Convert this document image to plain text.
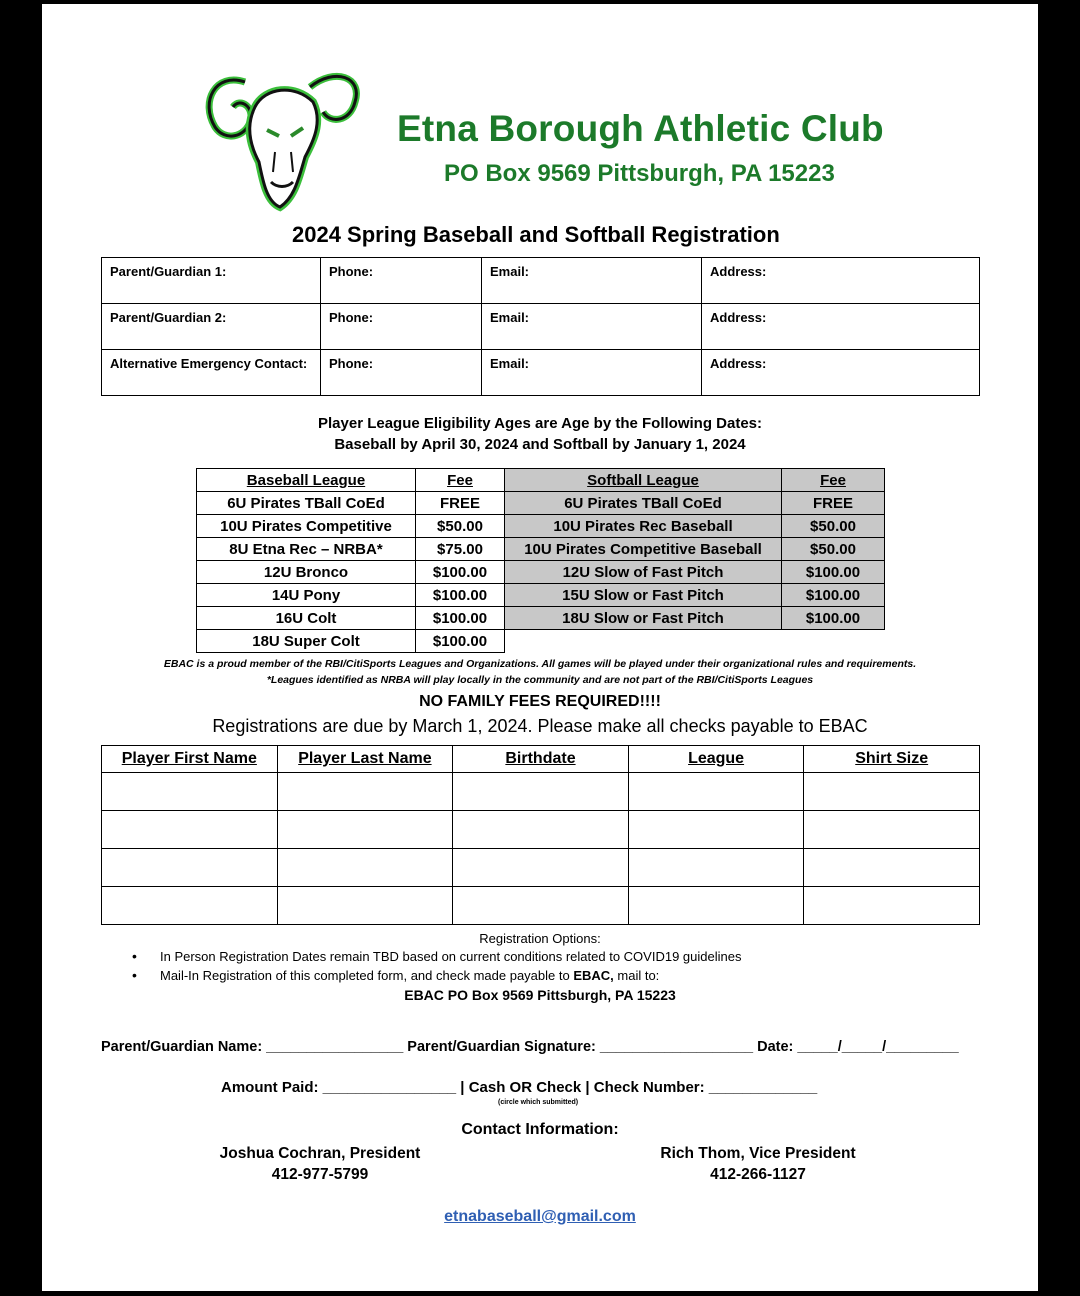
Etna Borough Athletic Club
PO Box 9569 Pittsburgh, PA 15223
2024 Spring Baseball and Softball Registration
Parent/Guardian 1:	Phone:	Email:	Address:
Parent/Guardian 2:	Phone:	Email:	Address:
Alternative Emergency Contact:	Phone:	Email:	Address:
Player League Eligibility Ages are Age by the Following Dates:
Baseball by April 30, 2024 and Softball by January 1, 2024
Baseball League	Fee	Softball League	Fee
6U Pirates TBall CoEd	FREE	6U Pirates TBall CoEd	FREE
10U Pirates Competitive	$50.00	10U Pirates Rec Baseball	$50.00
8U Etna Rec – NRBA*	$75.00	10U Pirates Competitive Baseball	$50.00
12U Bronco	$100.00	12U Slow of Fast Pitch	$100.00
14U Pony	$100.00	15U Slow or Fast Pitch	$100.00
16U Colt	$100.00	18U Slow or Fast Pitch	$100.00
18U Super Colt	$100.00		
EBAC is a proud member of the RBI/CitiSports Leagues and Organizations. All games will be played under their organizational rules and requirements.
*Leagues identified as NRBA will play locally in the community and are not part of the RBI/CitiSports Leagues
NO FAMILY FEES REQUIRED!!!!
Registrations are due by March 1, 2024. Please make all checks payable to EBAC
Player First Name	Player Last Name	Birthdate	League	Shirt Size

Registration Options:
• In Person Registration Dates remain TBD based on current conditions related to COVID19 guidelines
• Mail-In Registration of this completed form, and check made payable to EBAC, mail to:
EBAC PO Box 9569 Pittsburgh, PA 15223
Parent/Guardian Name: _________________ Parent/Guardian Signature: ___________________ Date: _____/_____/_________
Amount Paid: ________________ | Cash OR Check | Check Number: _____________
(circle which submitted)
Contact Information:
Joshua Cochran, President
412-977-5799
Rich Thom, Vice President
412-266-1127
etnabaseball@gmail.com
